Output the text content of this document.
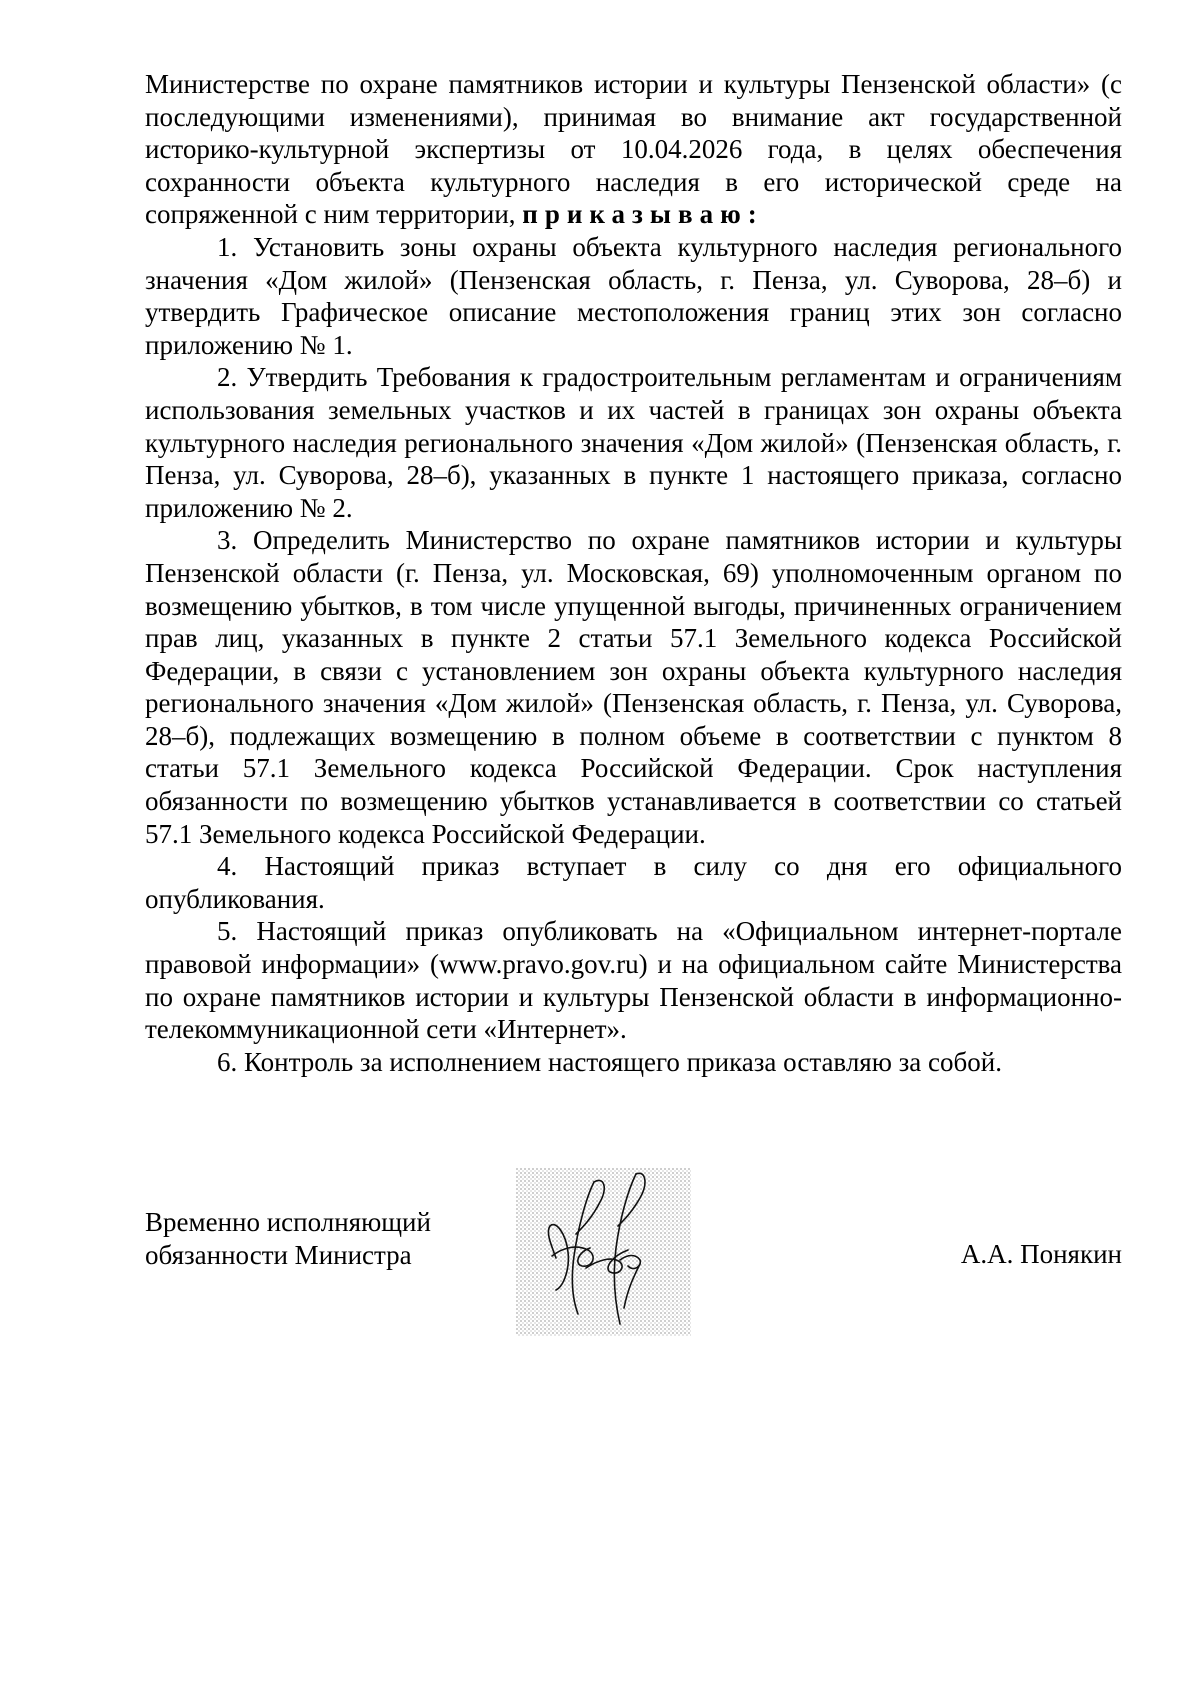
Министерстве по охране памятников истории и культуры Пензенской области» (с последующими изменениями), принимая во внимание акт государственной историко-культурной экспертизы от 10.04.2026 года, в целях обеспечения сохранности объекта культурного наследия в его исторической среде на сопряженной с ним территории, приказываю:

1. Установить зоны охраны объекта культурного наследия регионального значения «Дом жилой» (Пензенская область, г. Пенза, ул. Суворова, 28–б) и утвердить Графическое описание местоположения границ этих зон согласно приложению № 1.

2. Утвердить Требования к градостроительным регламентам и ограничениям использования земельных участков и их частей в границах зон охраны объекта культурного наследия регионального значения «Дом жилой» (Пензенская область, г. Пенза, ул. Суворова, 28–б), указанных в пункте 1 настоящего приказа, согласно приложению № 2.

3. Определить Министерство по охране памятников истории и культуры Пензенской области (г. Пенза, ул. Московская, 69) уполномоченным органом по возмещению убытков, в том числе упущенной выгоды, причиненных ограничением прав лиц, указанных в пункте 2 статьи 57.1 Земельного кодекса Российской Федерации, в связи с установлением зон охраны объекта культурного наследия регионального значения «Дом жилой» (Пензенская область, г. Пенза, ул. Суворова, 28–б), подлежащих возмещению в полном объеме в соответствии с пунктом 8 статьи 57.1 Земельного кодекса Российской Федерации. Срок наступления обязанности по возмещению убытков устанавливается в соответствии со статьей 57.1 Земельного кодекса Российской Федерации.

4. Настоящий приказ вступает в силу со дня его официального опубликования.

5. Настоящий приказ опубликовать на «Официальном интернет-портале правовой информации» (www.pravo.gov.ru) и на официальном сайте Министерства по охране памятников истории и культуры Пензенской области в информационно-телекоммуникационной сети «Интернет».

6. Контроль за исполнением настоящего приказа оставляю за собой.

Временно исполняющий
обязанности Министра	А.А. Понякин
